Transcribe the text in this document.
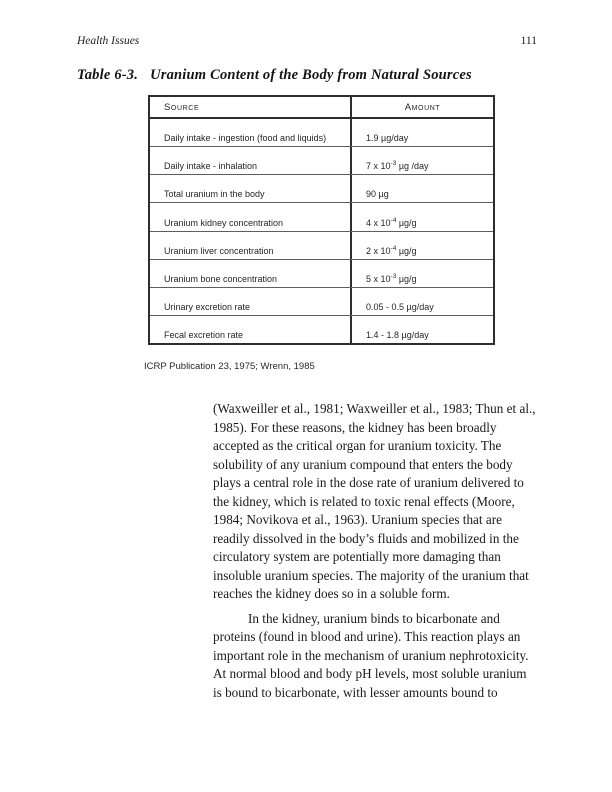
Health Issues	111
Table 6-3. Uranium Content of the Body from Natural Sources
Source	Amount
Daily intake - ingestion (food and liquids)	1.9 µg/day
Daily intake - inhalation	7 x $10^{-3}$ µg /day
Total uranium in the body	90 µg
Uranium kidney concentration	4 x $10^{-4}$ µg/g
Uranium liver concentration	2 x $10^{-4}$ µg/g
Uranium bone concentration	5 x $10^{-3}$ µg/g
Urinary excretion rate	0.05 - 0.5 µg/day
Fecal excretion rate	1.4 - 1.8 µg/day
ICRP Publication 23, 1975; Wrenn, 1985
(Waxweiller et al., 1981; Waxweiller et al., 1983; Thun et al.,
1985). For these reasons, the kidney has been broadly
accepted as the critical organ for uranium toxicity. The
solubility of any uranium compound that enters the body
plays a central role in the dose rate of uranium delivered to
the kidney, which is related to toxic renal effects (Moore,
1984; Novikova et al., 1963). Uranium species that are
readily dissolved in the body’s fluids and mobilized in the
circulatory system are potentially more damaging than
insoluble uranium species. The majority of the uranium that
reaches the kidney does so in a soluble form.
In the kidney, uranium binds to bicarbonate and
proteins (found in blood and urine). This reaction plays an
important role in the mechanism of uranium nephrotoxicity.
At normal blood and body pH levels, most soluble uranium
is bound to bicarbonate, with lesser amounts bound to
